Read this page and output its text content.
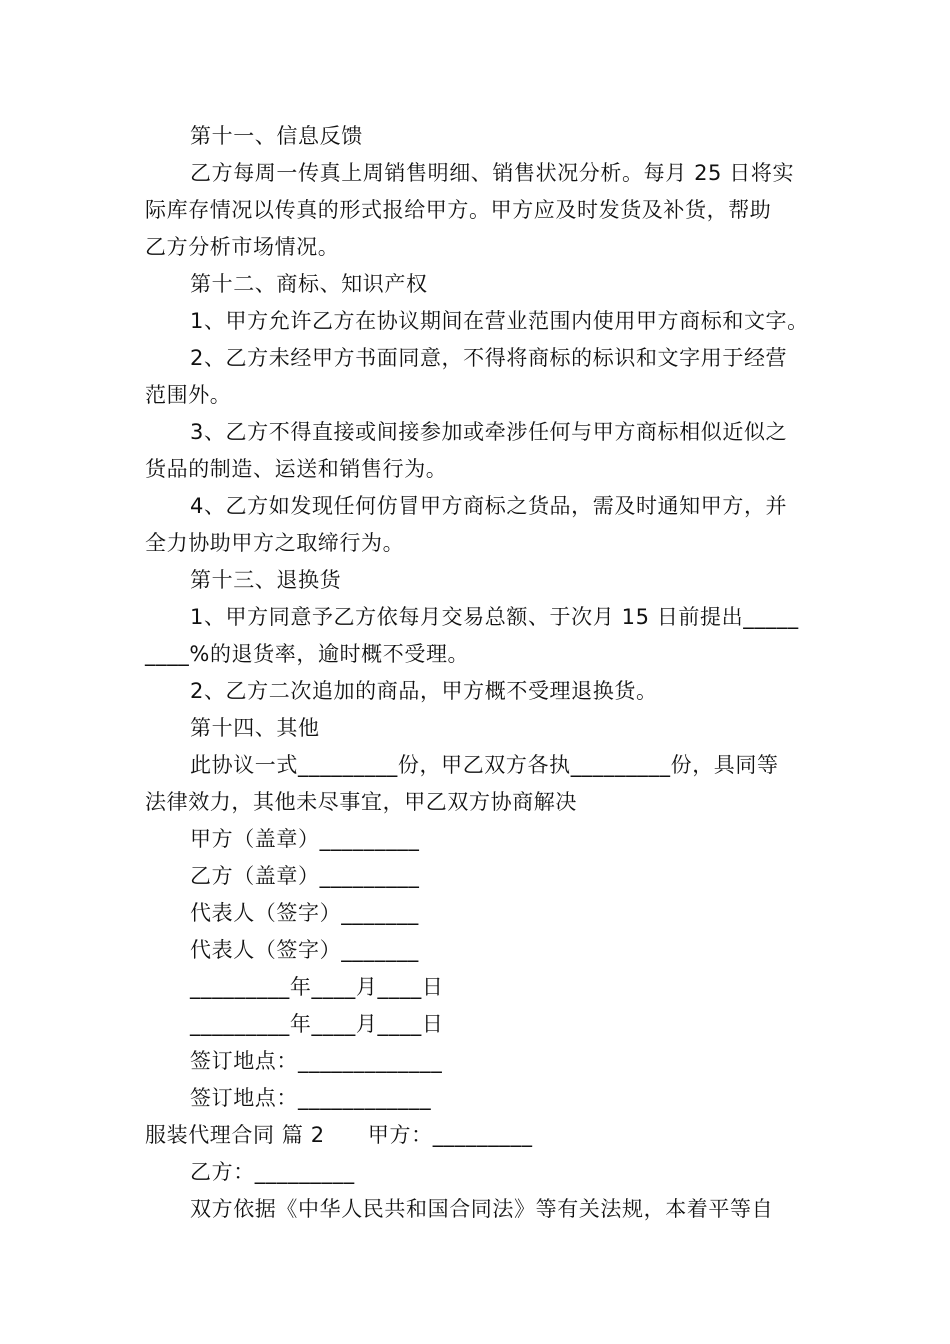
第十一、信息反馈
乙方每周一传真上周销售明细、销售状况分析。每月 25 日将实
际库存情况以传真的形式报给甲方。甲方应及时发货及补货，帮助
乙方分析市场情况。
第十二、商标、知识产权
1、甲方允许乙方在协议期间在营业范围内使用甲方商标和文字。
2、乙方未经甲方书面同意，不得将商标的标识和文字用于经营
范围外。
3、乙方不得直接或间接参加或牵涉任何与甲方商标相似近似之
货品的制造、运送和销售行为。
4、乙方如发现任何仿冒甲方商标之货品，需及时通知甲方，并
全力协助甲方之取缔行为。
第十三、退换货
1、甲方同意予乙方依每月交易总额、于次月 15 日前提出_____
____%的退货率，逾时概不受理。
2、乙方二次追加的商品，甲方概不受理退换货。
第十四、其他
此协议一式_________份，甲乙双方各执_________份，具同等
法律效力，其他未尽事宜，甲乙双方协商解决
甲方（盖章）_________
乙方（盖章）_________
代表人（签字）_______
代表人（签字）_______
_________年____月____日
_________年____月____日
签订地点：_____________
签订地点：____________
服装代理合同 篇 2　　甲方：_________
乙方：_________
双方依据《中华人民共和国合同法》等有关法规，本着平等自
